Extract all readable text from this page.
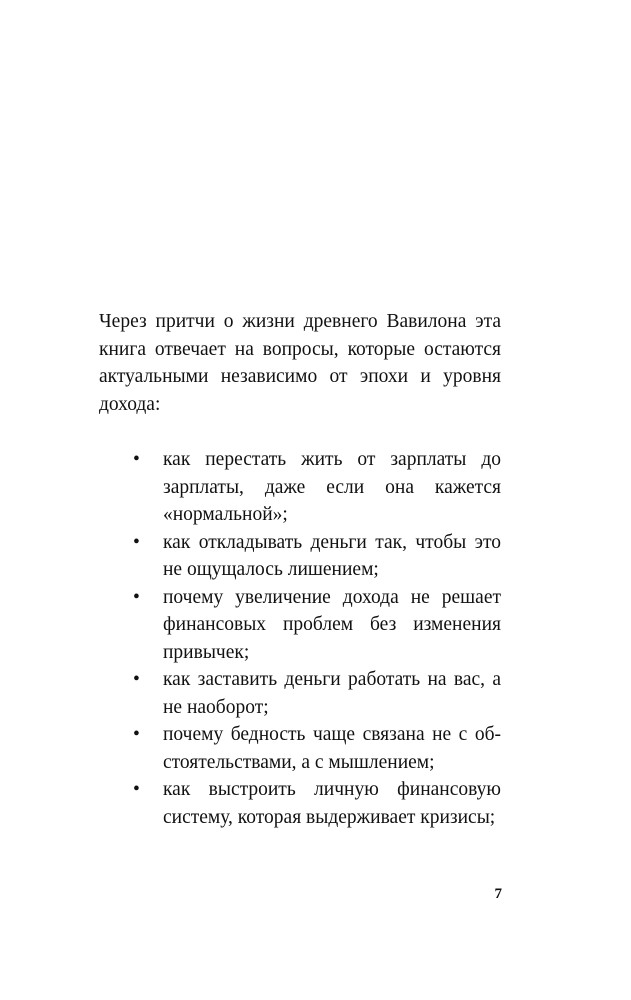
Через притчи о жизни древнего Вавилона эта книга отвечает на вопросы, которые остаются актуальными независимо от эпохи и уровня дохода:

• как перестать жить от зарплаты до зарплаты, даже если она кажется «нормальной»;
• как откладывать деньги так, чтобы это не ощущалось лишением;
• почему увеличение дохода не решает финансовых проблем без изменения привычек;
• как заставить деньги работать на вас, а не наоборот;
• почему бедность чаще связана не с обстоятельствами, а с мышлением;
• как выстроить личную финансовую систему, которая выдерживает кризисы;
7
